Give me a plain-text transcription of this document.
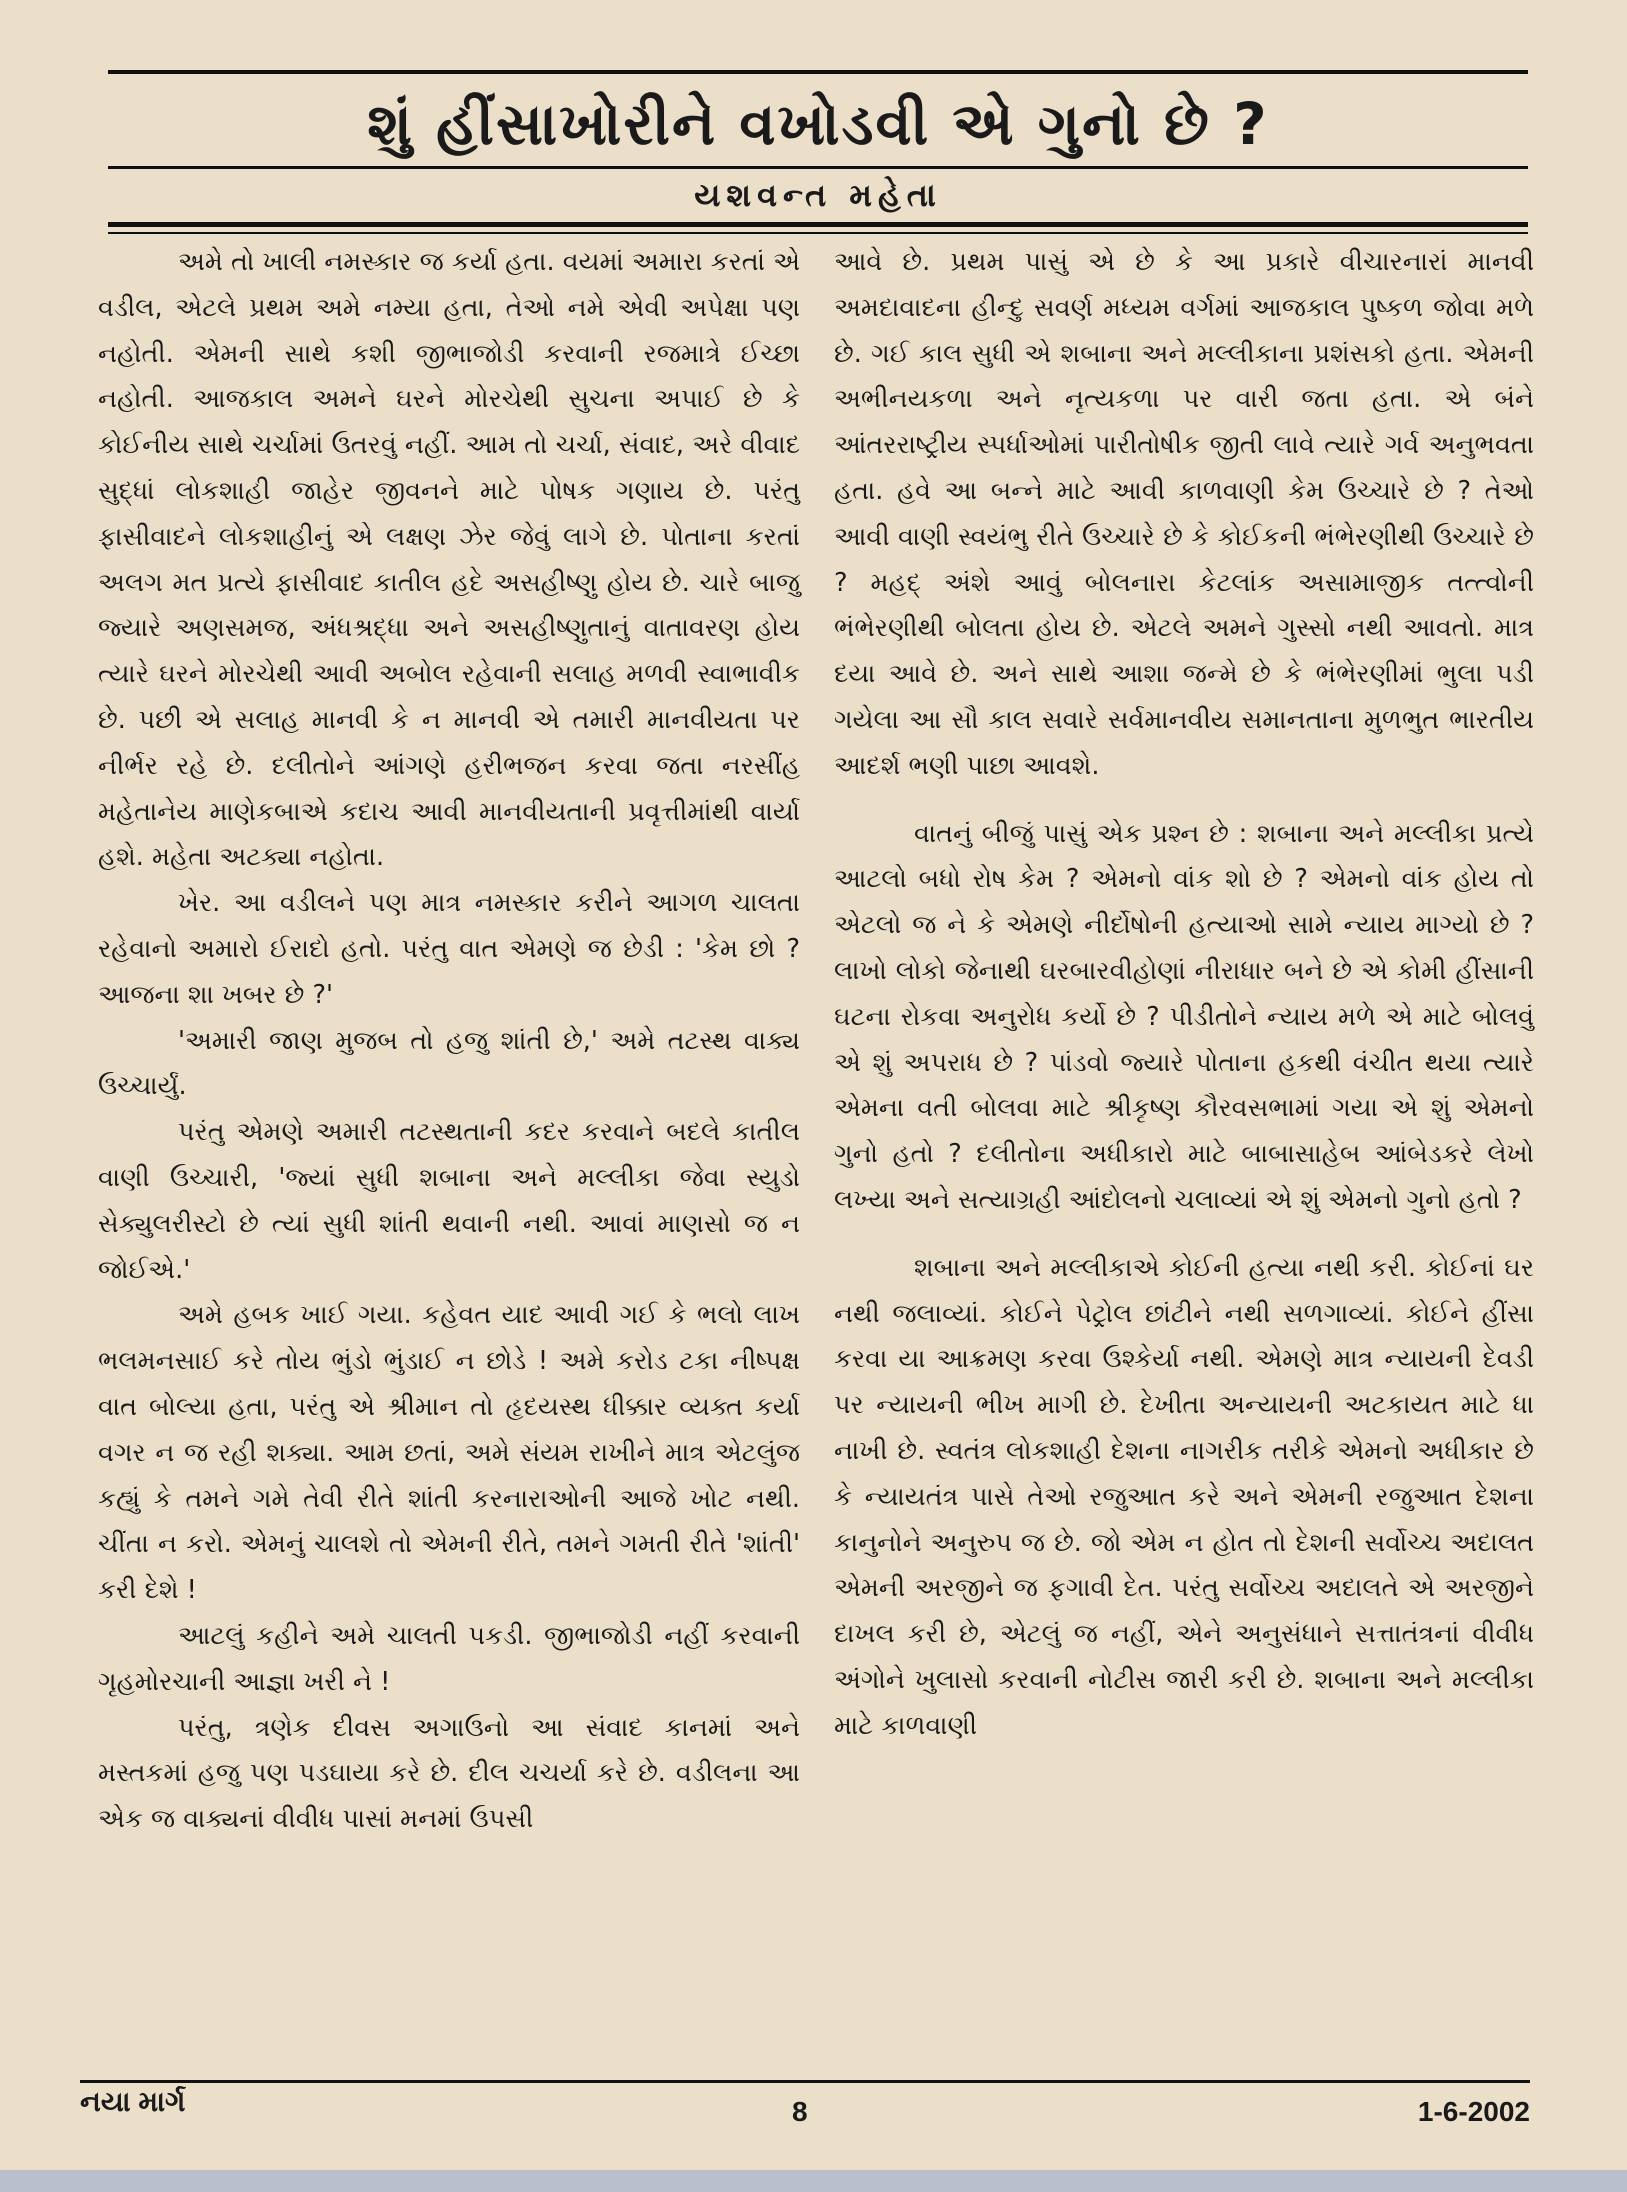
શું હીંસાખોરીને વખોડવી એ ગુનો છે ?
યશવન્ત મહેતા

અમે તો ખાલી નમસ્કાર જ કર્યા હતા. વયમાં અમારા કરતાં એ વડીલ, એટલે પ્રથમ અમે નમ્યા હતા, તેઓ નમે એવી અપેક્ષા પણ નહોતી. એમની સાથે કશી જીભાજોડી કરવાની રજમાત્રે ઈચ્છા નહોતી. આજકાલ અમને ઘરને મોરચેથી સુચના અપાઈ છે કે કોઈનીય સાથે ચર્ચામાં ઉતરવું નહીં. આમ તો ચર્ચા, સંવાદ, અરે વીવાદ સુદ્ધાં લોકશાહી જાહેર જીવનને માટે પોષક ગણાય છે. પરંતુ ફાસીવાદને લોકશાહીનું એ લક્ષણ ઝેર જેવું લાગે છે. પોતાના કરતાં અલગ મત પ્રત્યે ફાસીવાદ કાતીલ હદે અસહીષ્ણુ હોય છે. ચારે બાજુ જ્યારે અણસમજ, અંધશ્રદ્ધા અને અસહીષ્ણુતાનું વાતાવરણ હોય ત્યારે ઘરને મોરચેથી આવી અબોલ રહેવાની સલાહ મળવી સ્વાભાવીક છે. પછી એ સલાહ માનવી કે ન માનવી એ તમારી માનવીયતા પર નીર્ભર રહે છે. દલીતોને આંગણે હરીભજન કરવા જતા નરસીંહ મહેતાનેય માણેકબાએ કદાચ આવી માનવીયતાની પ્રવૃત્તીમાંથી વાર્યા હશે. મહેતા અટક્યા નહોતા.

ખેર. આ વડીલને પણ માત્ર નમસ્કાર કરીને આગળ ચાલતા રહેવાનો અમારો ઈરાદો હતો. પરંતુ વાત એમણે જ છેડી : 'કેમ છો ? આજના શા ખબર છે ?'

'અમારી જાણ મુજબ તો હજુ શાંતી છે,' અમે તટસ્થ વાક્ય ઉચ્ચાર્યું.

પરંતુ એમણે અમારી તટસ્થતાની કદર કરવાને બદલે કાતીલ વાણી ઉચ્ચારી, 'જ્યાં સુધી શબાના અને મલ્લીકા જેવા સ્યુડો સેક્યુલરીસ્ટો છે ત્યાં સુધી શાંતી થવાની નથી. આવાં માણસો જ ન જોઈએ.'

અમે હબક ખાઈ ગયા. કહેવત યાદ આવી ગઈ કે ભલો લાખ ભલમનસાઈ કરે તોય ભુંડો ભુંડાઈ ન છોડે ! અમે કરોડ ટકા નીષ્પક્ષ વાત બોલ્યા હતા, પરંતુ એ શ્રીમાન તો હૃદયસ્થ ધીક્કાર વ્યક્ત કર્યા વગર ન જ રહી શક્યા. આમ છતાં, અમે સંયમ રાખીને માત્ર એટલુંજ કહ્યું કે તમને ગમે તેવી રીતે શાંતી કરનારાઓની આજે ખોટ નથી. ચીંતા ન કરો. એમનું ચાલશે તો એમની રીતે, તમને ગમતી રીતે 'શાંતી' કરી દેશે !

આટલું કહીને અમે ચાલતી પકડી. જીભાજોડી નહીં કરવાની ગૃહમોરચાની આજ્ઞા ખરી ને !

પરંતુ, ત્રણેક દીવસ અગાઉનો આ સંવાદ કાનમાં અને મસ્તકમાં હજુ પણ પડઘાયા કરે છે. દીલ ચચર્યા કરે છે. વડીલના આ એક જ વાક્યનાં વીવીધ પાસાં મનમાં ઉપસી

આવે છે. પ્રથમ પાસું એ છે કે આ પ્રકારે વીચારનારાં માનવી અમદાવાદના હીન્દુ સવર્ણ મધ્યમ વર્ગમાં આજકાલ પુષ્કળ જોવા મળે છે. ગઈ કાલ સુધી એ શબાના અને મલ્લીકાના પ્રશંસકો હતા. એમની અભીનયકળા અને નૃત્યકળા પર વારી જતા હતા. એ બંને આંતરરાષ્ટ્રીય સ્પર્ધાઓમાં પારીતોષીક જીતી લાવે ત્યારે ગર્વ અનુભવતા હતા. હવે આ બન્ને માટે આવી કાળવાણી કેમ ઉચ્ચારે છે ? તેઓ આવી વાણી સ્વયંભુ રીતે ઉચ્ચારે છે કે કોઈકની ભંભેરણીથી ઉચ્ચારે છે ? મહદ્ અંશે આવું બોલનારા કેટલાંક અસામાજીક તત્ત્વોની ભંભેરણીથી બોલતા હોય છે. એટલે અમને ગુસ્સો નથી આવતો. માત્ર દયા આવે છે. અને સાથે આશા જન્મે છે કે ભંભેરણીમાં ભુલા પડી ગયેલા આ સૌ કાલ સવારે સર્વમાનવીય સમાનતાના મુળભુત ભારતીય આદર્શ ભણી પાછા આવશે.

વાતનું બીજું પાસું એક પ્રશ્ન છે : શબાના અને મલ્લીકા પ્રત્યે આટલો બધો રોષ કેમ ? એમનો વાંક શો છે ? એમનો વાંક હોય તો એટલો જ ને કે એમણે નીર્દોષોની હત્યાઓ સામે ન્યાય માગ્યો છે ? લાખો લોકો જેનાથી ઘરબારવીહોણાં નીરાધાર બને છે એ કોમી હીંસાની ઘટના રોકવા અનુરોધ કર્યો છે ? પીડીતોને ન્યાય મળે એ માટે બોલવું એ શું અપરાધ છે ? પાંડવો જ્યારે પોતાના હકથી વંચીત થયા ત્યારે એમના વતી બોલવા માટે શ્રીકૃષ્ણ કૌરવસભામાં ગયા એ શું એમનો ગુનો હતો ? દલીતોના અધીકારો માટે બાબાસાહેબ આંબેડકરે લેખો લખ્યા અને સત્યાગ્રહી આંદોલનો ચલાવ્યાં એ શું એમનો ગુનો હતો ?

શબાના અને મલ્લીકાએ કોઈની હત્યા નથી કરી. કોઈનાં ઘર નથી જલાવ્યાં. કોઈને પેટ્રોલ છાંટીને નથી સળગાવ્યાં. કોઈને હીંસા કરવા યા આક્રમણ કરવા ઉશ્કેર્યા નથી. એમણે માત્ર ન્યાયની દેવડી પર ન્યાયની ભીખ માગી છે. દેખીતા અન્યાયની અટકાયત માટે ધા નાખી છે. સ્વતંત્ર લોકશાહી દેશના નાગરીક તરીકે એમનો અધીકાર છે કે ન્યાયતંત્ર પાસે તેઓ રજુઆત કરે અને એમની રજુઆત દેશના કાનુનોને અનુરુપ જ છે. જો એમ ન હોત તો દેશની સર્વોચ્ચ અદાલત એમની અરજીને જ ફગાવી દેત. પરંતુ સર્વોચ્ચ અદાલતે એ અરજીને દાખલ કરી છે, એટલું જ નહીં, એને અનુસંધાને સત્તાતંત્રનાં વીવીધ અંગોને ખુલાસો કરવાની નોટીસ જારી કરી છે. શબાના અને મલ્લીકા માટે કાળવાણી

નયા માર્ગ	8	1-6-2002
